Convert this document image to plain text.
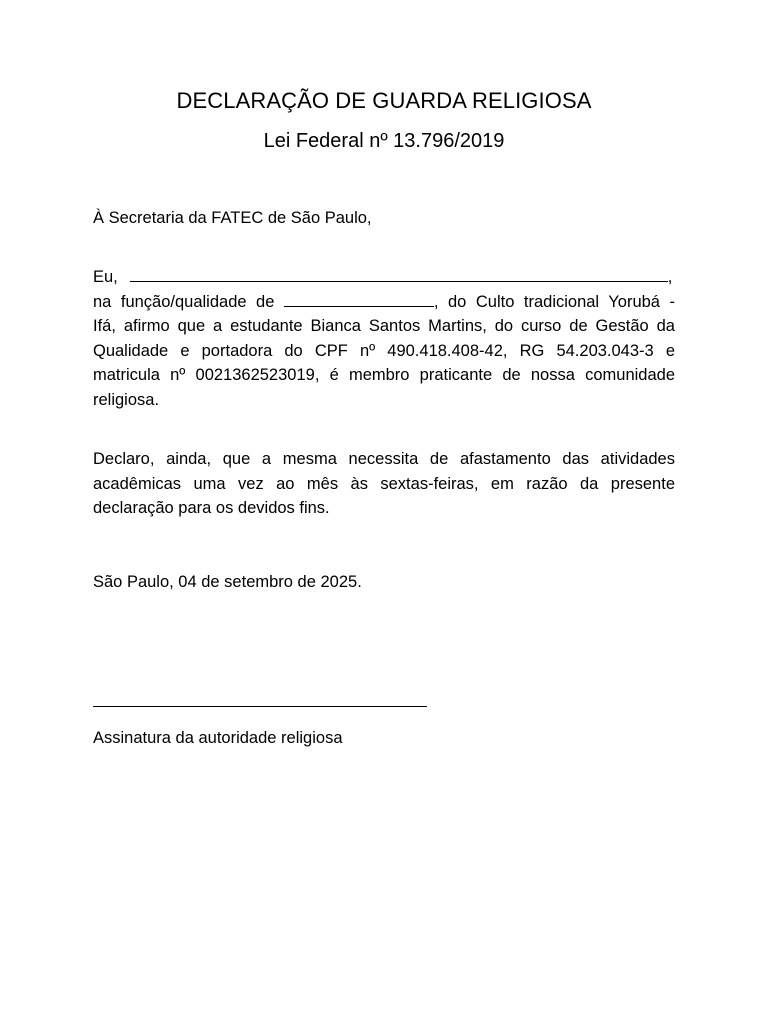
DECLARAÇÃO DE GUARDA RELIGIOSA
Lei Federal nº 13.796/2019

À Secretaria da FATEC de São Paulo,

Eu,	,
na função/qualidade de	, do Culto tradicional Yorubá -
Ifá, afirmo que a estudante Bianca Santos Martins, do curso de Gestão da
Qualidade e portadora do CPF nº 490.418.408-42, RG 54.203.043-3 e
matricula nº 0021362523019, é membro praticante de nossa comunidade
religiosa.
Declaro, ainda, que a mesma necessita de afastamento das atividades
acadêmicas uma vez ao mês às sextas-feiras, em razão da presente
declaração para os devidos fins.

São Paulo, 04 de setembro de 2025.

Assinatura da autoridade religiosa
